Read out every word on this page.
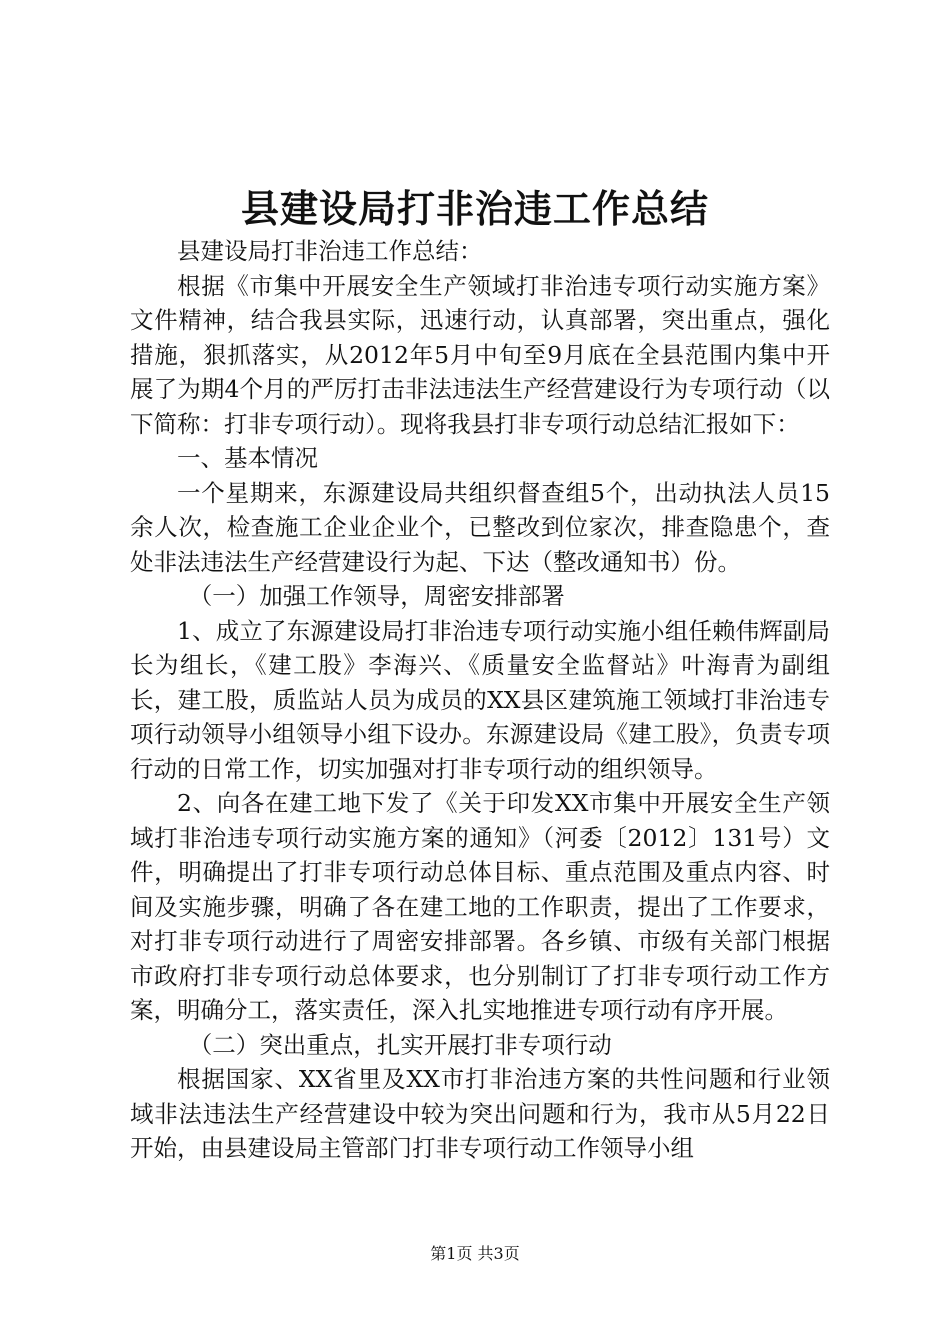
县建设局打非治违工作总结

县建设局打非治违工作总结：

根据《市集中开展安全生产领域打非治违专项行动实施方案》文件精神，结合我县实际，迅速行动，认真部署，突出重点，强化措施，狠抓落实，从2012年5月中旬至9月底在全县范围内集中开展了为期4个月的严厉打击非法违法生产经营建设行为专项行动（以下简称：打非专项行动）。现将我县打非专项行动总结汇报如下：

一、基本情况

一个星期来，东源建设局共组织督查组5个，出动执法人员15余人次，检查施工企业企业个，已整改到位家次，排查隐患个，查处非法违法生产经营建设行为起、下达（整改通知书）份。

（一）加强工作领导，周密安排部署

1、成立了东源建设局打非治违专项行动实施小组任赖伟辉副局长为组长，《建工股》李海兴、《质量安全监督站》叶海青为副组长，建工股，质监站人员为成员的XX县区建筑施工领域打非治违专项行动领导小组领导小组下设办。东源建设局《建工股》，负责专项行动的日常工作，切实加强对打非专项行动的组织领导。

2、向各在建工地下发了《关于印发XX市集中开展安全生产领域打非治违专项行动实施方案的通知》（河委〔2012〕131号）文件，明确提出了打非专项行动总体目标、重点范围及重点内容、时间及实施步骤，明确了各在建工地的工作职责，提出了工作要求，对打非专项行动进行了周密安排部署。各乡镇、市级有关部门根据市政府打非专项行动总体要求，也分别制订了打非专项行动工作方案，明确分工，落实责任，深入扎实地推进专项行动有序开展。

（二）突出重点，扎实开展打非专项行动

根据国家、XX省里及XX市打非治违方案的共性问题和行业领域非法违法生产经营建设中较为突出问题和行为，我市从5月22日开始，由县建设局主管部门打非专项行动工作领导小组

第1页 共3页
